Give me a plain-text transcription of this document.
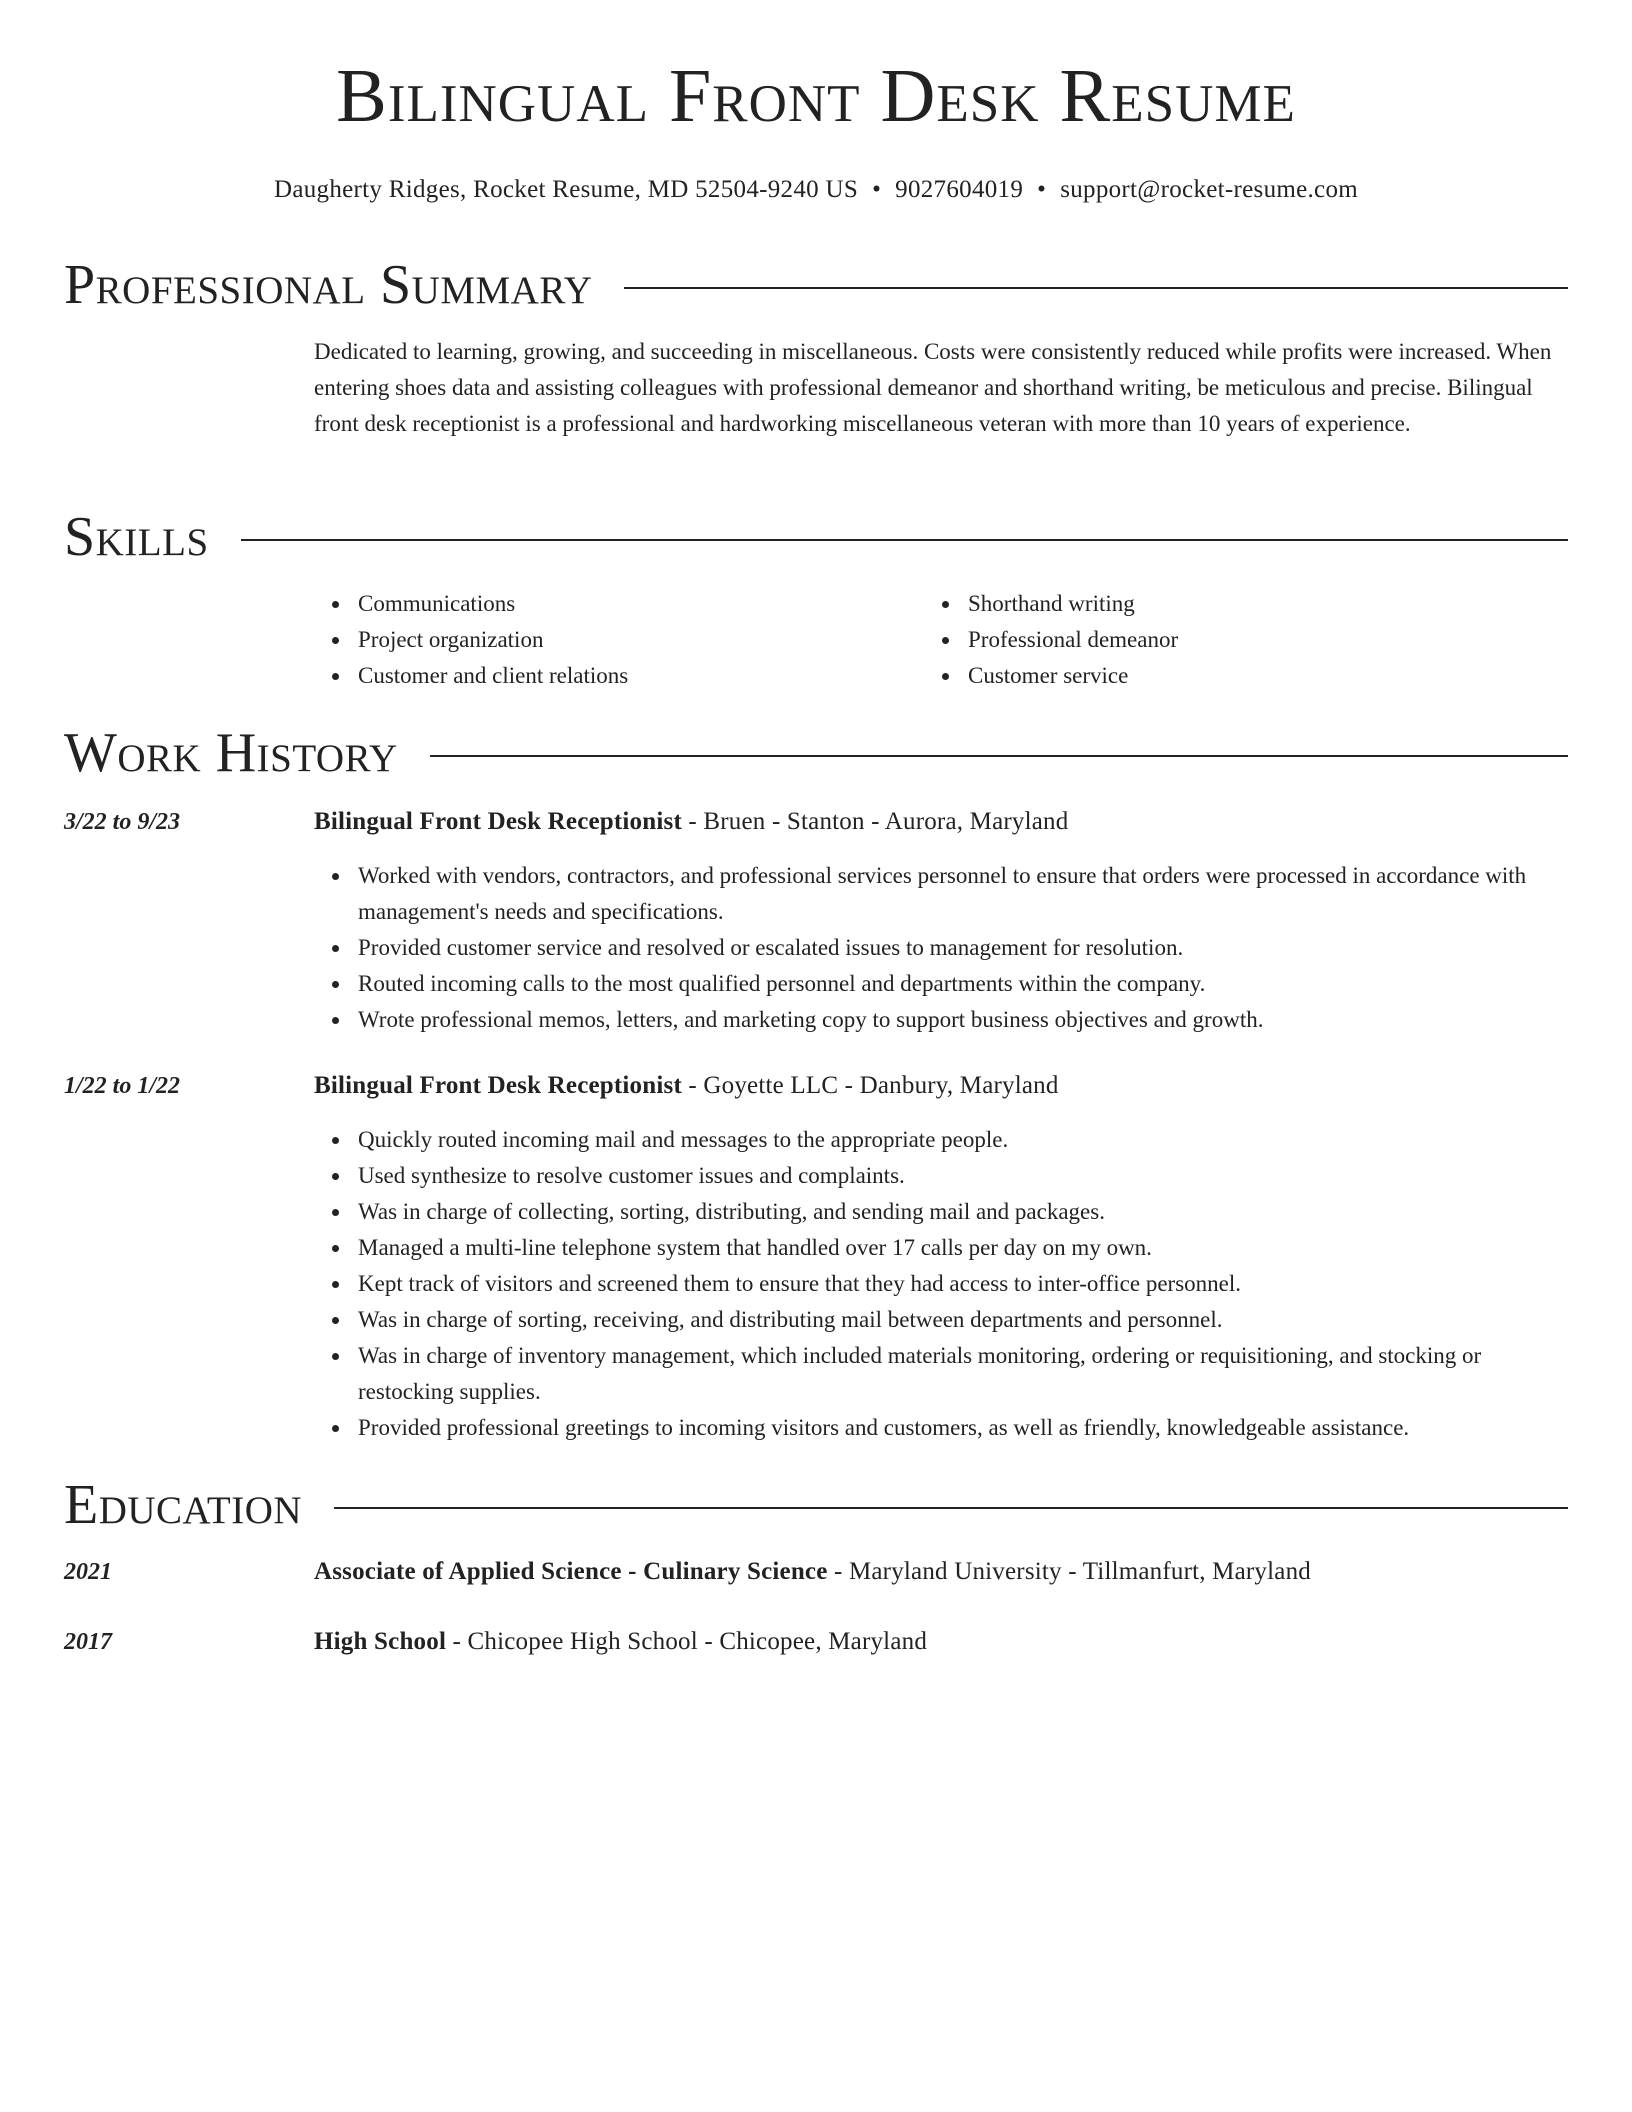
Bilingual Front Desk Resume
Daugherty Ridges, Rocket Resume, MD 52504-9240 US • 9027604019 • support@rocket-resume.com
Professional Summary

Dedicated to learning, growing, and succeeding in miscellaneous. Costs were consistently reduced while profits were increased. When entering shoes data and assisting colleagues with professional demeanor and shorthand writing, be meticulous and precise. Bilingual front desk receptionist is a professional and hardworking miscellaneous veteran with more than 10 years of experience.

Skills
Communications
Project organization
Customer and client relations
Shorthand writing
Professional demeanor
Customer service
Work History
3/22 to 9/23	Bilingual Front Desk Receptionist - Bruen - Stanton - Aurora, Maryland
Worked with vendors, contractors, and professional services personnel to ensure that orders were processed in accordance with management's needs and specifications.
Provided customer service and resolved or escalated issues to management for resolution.
Routed incoming calls to the most qualified personnel and departments within the company.
Wrote professional memos, letters, and marketing copy to support business objectives and growth.
1/22 to 1/22	Bilingual Front Desk Receptionist - Goyette LLC - Danbury, Maryland
Quickly routed incoming mail and messages to the appropriate people.
Used synthesize to resolve customer issues and complaints.
Was in charge of collecting, sorting, distributing, and sending mail and packages.
Managed a multi-line telephone system that handled over 17 calls per day on my own.
Kept track of visitors and screened them to ensure that they had access to inter-office personnel.
Was in charge of sorting, receiving, and distributing mail between departments and personnel.
Was in charge of inventory management, which included materials monitoring, ordering or requisitioning, and stocking or restocking supplies.
Provided professional greetings to incoming visitors and customers, as well as friendly, knowledgeable assistance.
Education
2021	Associate of Applied Science - Culinary Science - Maryland University - Tillmanfurt, Maryland
2017	High School - Chicopee High School - Chicopee, Maryland
